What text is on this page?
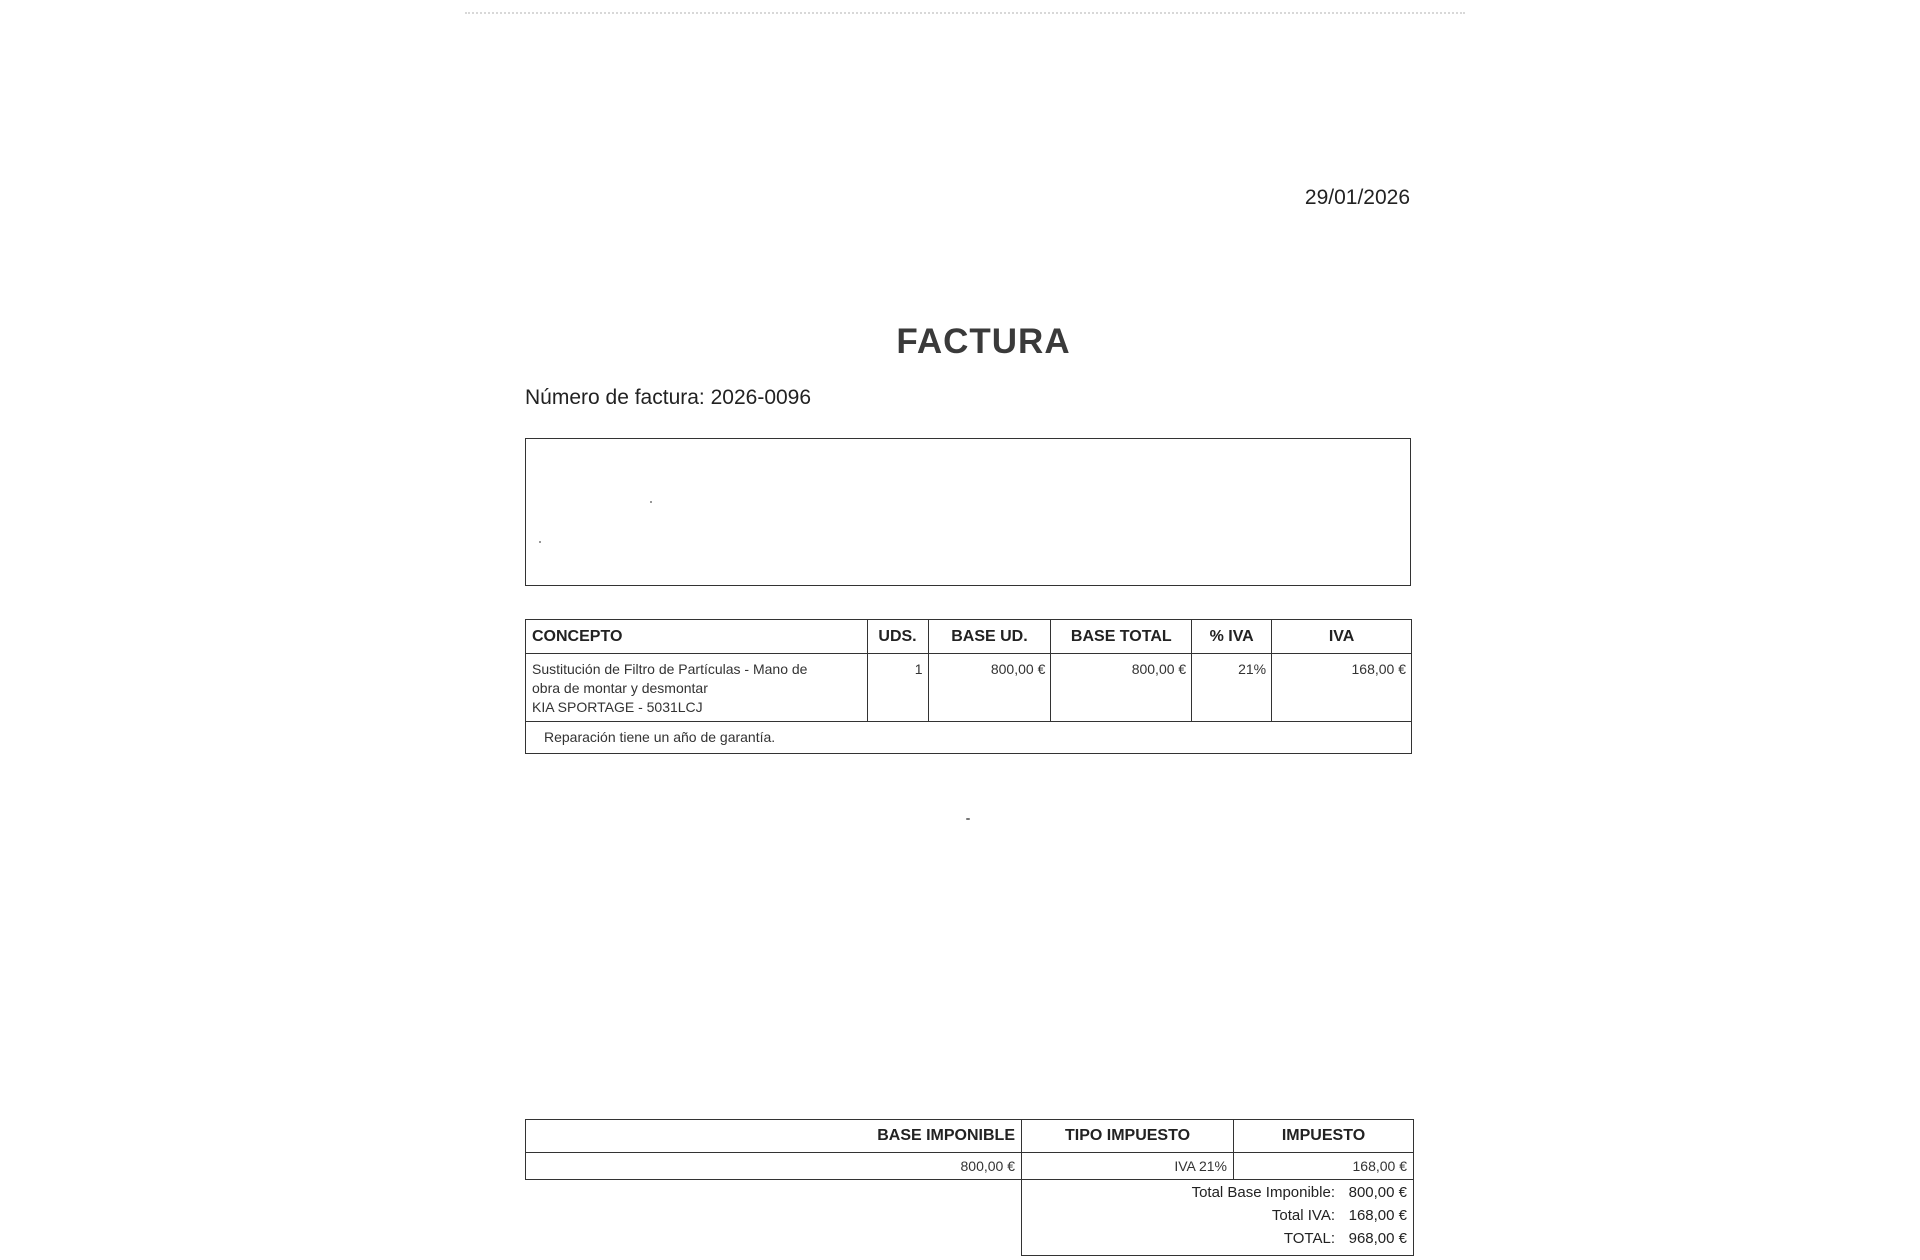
29/01/2026
FACTURA
Número de factura: 2026-0096
CONCEPTO	UDS.	BASE UD.	BASE TOTAL	% IVA	IVA

Sustitución de Filtro de Partículas - Mano de
obra de montar y desmontar
KIA SPORTAGE - 5031LCJ	1	800,00 €	800,00 €	21%	168,00 €
Reparación tiene un año de garantía.					
BASE IMPONIBLE	TIPO IMPUESTO	IMPUESTO
800,00 €	IVA 21%	168,00 €
Total Base Imponible: 800,00 €
Total IVA: 168,00 €
TOTAL: 968,00 €
